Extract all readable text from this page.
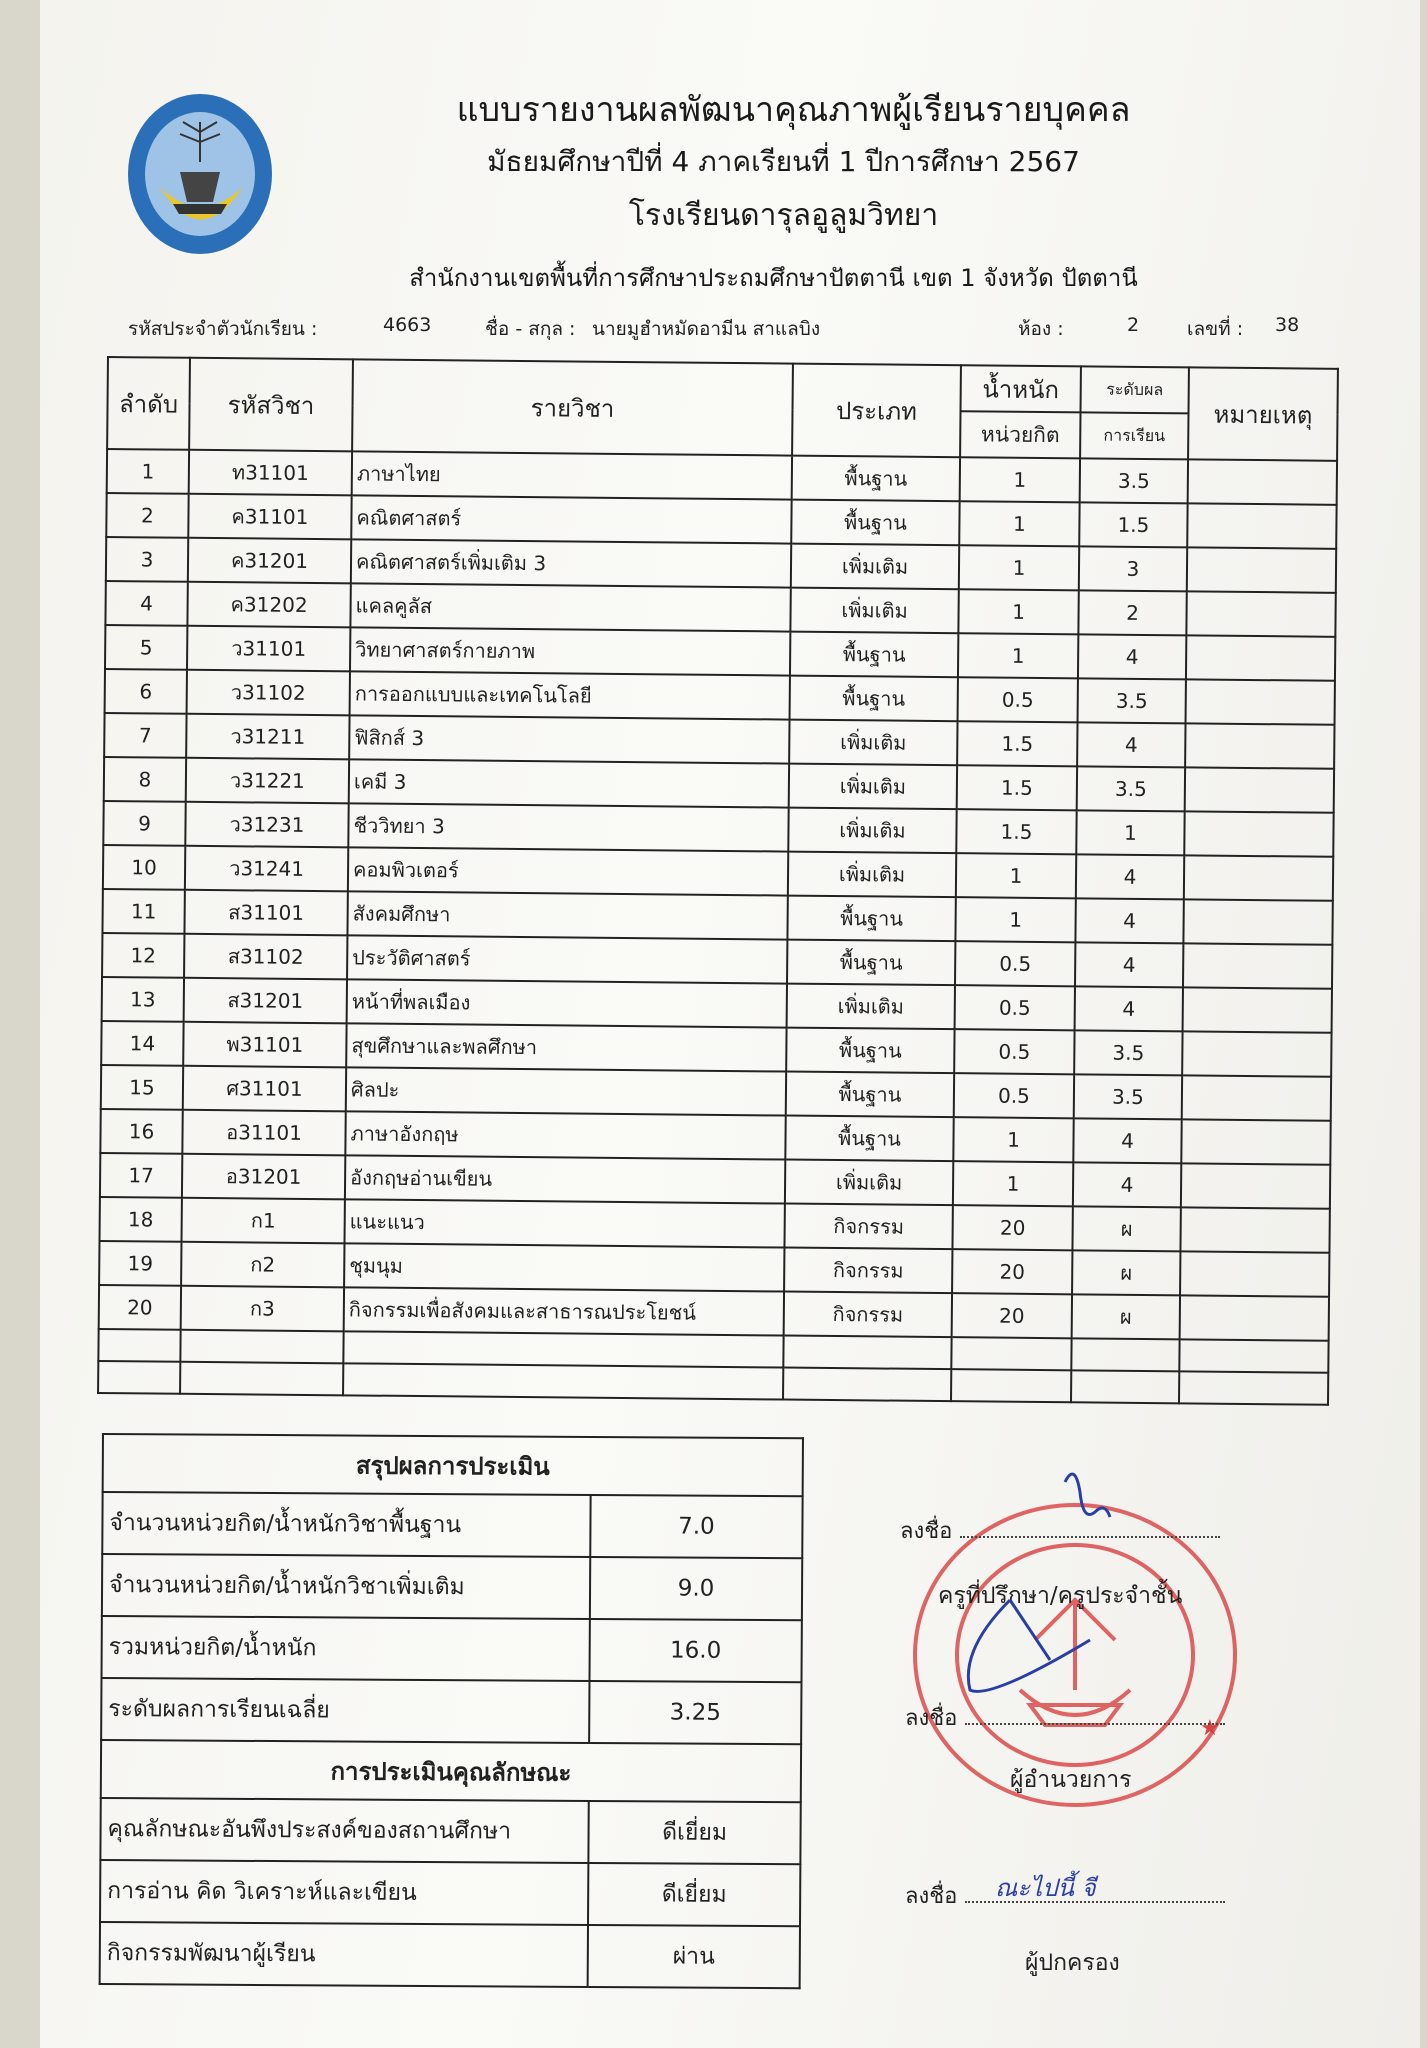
แบบรายงานผลพัฒนาคุณภาพผู้เรียนรายบุคคล
มัธยมศึกษาปีที่ 4 ภาคเรียนที่ 1 ปีการศึกษา 2567
โรงเรียนดารุลอูลูมวิทยา
สำนักงานเขตพื้นที่การศึกษาประถมศึกษาปัตตานี เขต 1 จังหวัด ปัตตานี
รหัสประจำตัวนักเรียน :	4663	ชื่อ - สกุล : นายมูฮำหมัดอามีน สาแลบิง	ห้อง :	2	เลขที่ : 38
ลำดับ	รหัสวิชา	รายวิชา	ประเภท	น้ำหนัก	ระดับผล	หมายเหตุ
				หน่วยกิต	การเรียน	
1	ท31101	ภาษาไทย	พื้นฐาน	1	3.5	
2	ค31101	คณิตศาสตร์	พื้นฐาน	1	1.5	
3	ค31201	คณิตศาสตร์เพิ่มเติม 3	เพิ่มเติม	1	3	
4	ค31202	แคลคูลัส	เพิ่มเติม	1	2	
5	ว31101	วิทยาศาสตร์กายภาพ	พื้นฐาน	1	4	
6	ว31102	การออกแบบและเทคโนโลยี	พื้นฐาน	0.5	3.5	
7	ว31211	ฟิสิกส์ 3	เพิ่มเติม	1.5	4	
8	ว31221	เคมี 3	เพิ่มเติม	1.5	3.5	
9	ว31231	ชีววิทยา 3	เพิ่มเติม	1.5	1	
10	ว31241	คอมพิวเตอร์	เพิ่มเติม	1	4	
11	ส31101	สังคมศึกษา	พื้นฐาน	1	4	
12	ส31102	ประวัติศาสตร์	พื้นฐาน	0.5	4	
13	ส31201	หน้าที่พลเมือง	เพิ่มเติม	0.5	4	
14	พ31101	สุขศึกษาและพลศึกษา	พื้นฐาน	0.5	3.5	
15	ศ31101	ศิลปะ	พื้นฐาน	0.5	3.5	
16	อ31101	ภาษาอังกฤษ	พื้นฐาน	1	4	
17	อ31201	อังกฤษอ่านเขียน	เพิ่มเติม	1	4	
18	ก1	แนะแนว	กิจกรรม	20	ผ	
19	ก2	ชุมนุม	กิจกรรม	20	ผ	
20	ก3	กิจกรรมเพื่อสังคมและสาธารณประโยชน์	กิจกรรม	20	ผ	

สรุปผลการประเมิน	
จำนวนหน่วยกิต/น้ำหนักวิชาพื้นฐาน	7.0
จำนวนหน่วยกิต/น้ำหนักวิชาเพิ่มเติม	9.0
รวมหน่วยกิต/น้ำหนัก	16.0
ระดับผลการเรียนเฉลี่ย	3.25
การประเมินคุณลักษณะ	
คุณลักษณะอันพึงประสงค์ของสถานศึกษา	ดีเยี่ยม
การอ่าน คิด วิเคราะห์และเขียน	ดีเยี่ยม
กิจกรรมพัฒนาผู้เรียน	ผ่าน
★
ลงชื่อ
ครูที่ปรึกษา/ครูประจำชั้น
ลงชื่อ
ผู้อำนวยการ
ลงชื่อ	ณะไปนี้ จี
ผู้ปกครอง
